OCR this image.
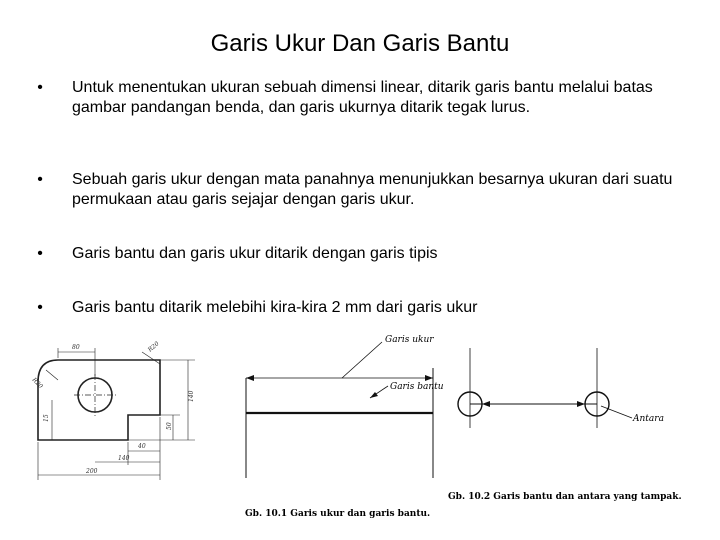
Garis Ukur Dan Garis Bantu
•	Untuk menentukan ukuran sebuah dimensi linear, ditarik garis bantu melalui batas gambar pandangan benda, dan garis ukurnya ditarik tegak lurus.
•	Sebuah garis ukur dengan mata panahnya menunjukkan besarnya ukuran dari suatu permukaan atau garis sejajar dengan garis ukur.
•	Garis bantu dan garis ukur ditarik dengan garis tipis
•	Garis bantu ditarik melebihi kira-kira 2 mm dari garis ukur
80	R20
R20
140
15
50
40
140
200
Garis ukur
Garis bantu
Gb. 10.1 Garis ukur dan garis bantu.
Antara
Gb. 10.2 Garis bantu dan antara yang tampak.
